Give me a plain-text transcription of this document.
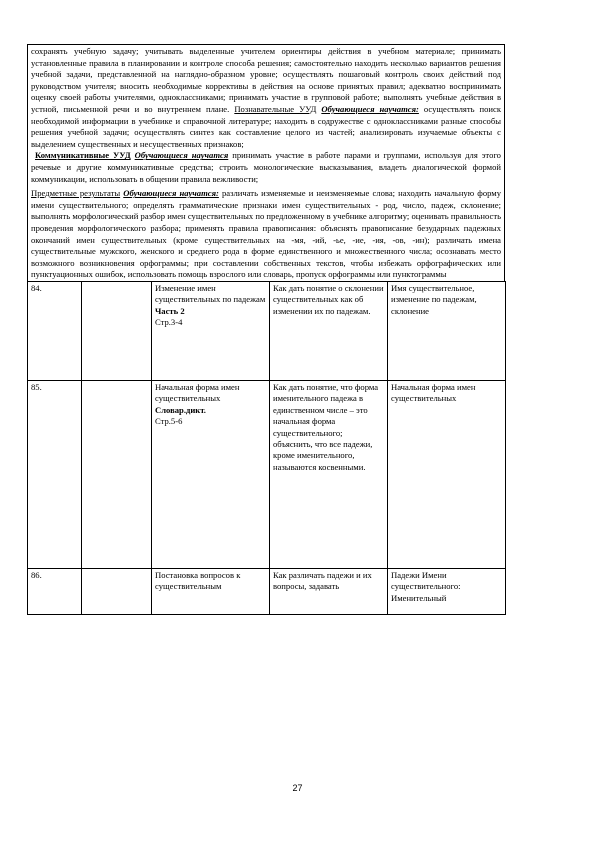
сохранять учебную задачу; учитывать выделенные учителем ориентиры действия в учебном материале; принимать установленные правила в планировании и контроле способа решения; самостоятельно находить несколько вариантов решения учебной задачи, представленной на наглядно-образном уровне; осуществлять пошаговый контроль своих действий под руководством учителя; вносить необходимые коррективы в действия на основе принятых правил; адекватно воспринимать оценку своей работы учителями, одноклассниками; принимать участие в групповой работе; выполнять учебные действия в устной, письменной речи и во внутреннем плане. Познавательные УУД Обучающиеся научатся: осуществлять поиск необходимой информации в учебнике и справочной литературе; находить в содружестве с одноклассниками разные способы решения учебной задачи; осуществлять синтез как составление целого из частей; анализировать изучаемые объекты с выделением существенных и несущественных признаков;

Коммуникативные УУД Обучающиеся научатся принимать участие в работе парами и группами, используя для этого речевые и другие коммуникативные средства; строить монологические высказывания, владеть диалогической формой коммуникации, использовать в общении правила вежливости;

Предметные результаты Обучающиеся научатся: различать изменяемые и неизменяемые слова; находить начальную форму имени существительного; определять грамматические признаки имен существительных - род, число, падеж, склонение; выполнять морфологический разбор имен существительных по предложенному в учебнике алгоритму; оценивать правильность проведения морфологического разбора; применять правила правописания: объяснять правописание безударных падежных окончаний имен существительных (кроме существительных на -мя, -ий, -ье, -ие, -ия, -ов, -ин); различать имена существительные мужского, женского и среднего рода в форме единственного и множественного числа; осознавать место возможного возникновения орфограммы; при составлении собственных текстов, чтобы избежать орфографических или пунктуационных ошибок, использовать помощь взрослого или словарь, пропуск орфограммы или пунктограммы

84.		Изменение имен существительных по падежам
Часть 2
Стр.3-4	Как дать понятие о склонении существительных как об изменении их по падежам.	Имя существительное, изменение по падежам, склонение
85.		Начальная форма имен существительных
Словар.дикт.
Стр.5-6	Как дать понятие, что форма именительного падежа в единственном числе – это начальная форма существительного; объяснить, что все падежи, кроме именительного, называются косвенными.	Начальная форма имен существительных
86.		Постановка вопросов к существительным	Как различать падежи и их вопросы, задавать	Падежи Имени существительного: Именительный
27
